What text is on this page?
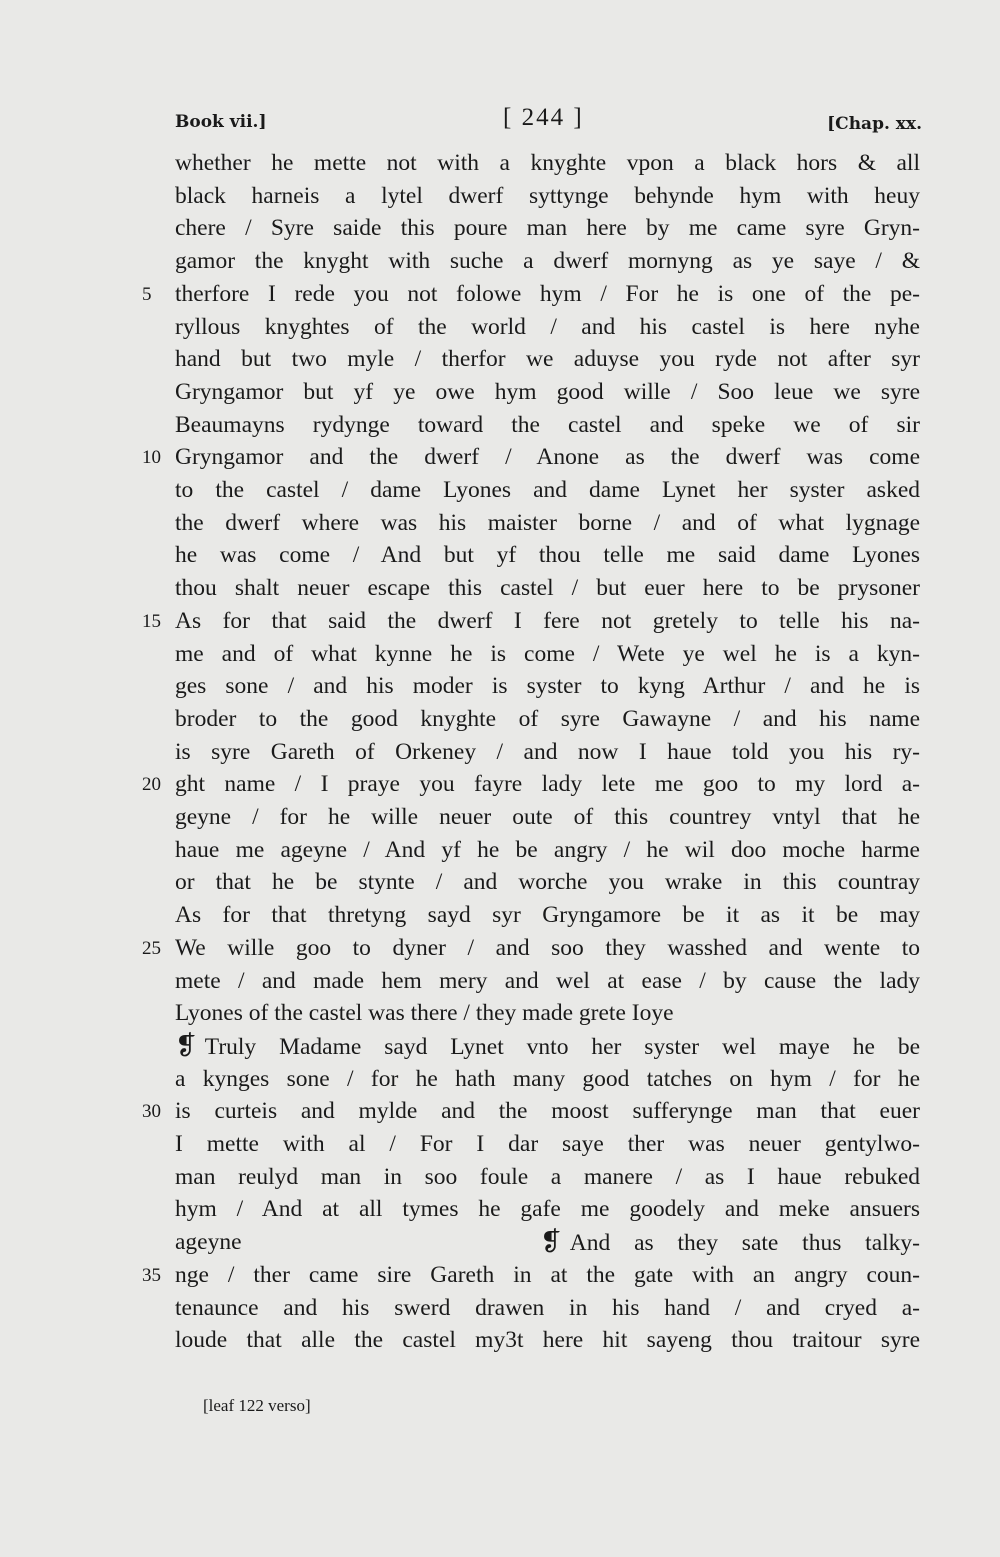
Book vii.]	[ 244 ]	[Chap. xx.
whether he mette not with a knyghte vpon a black hors & all
black harneis a lytel dwerf syttynge behynde hym with heuy
chere / Syre saide this poure man here by me came syre Gryn-
gamor the knyght with suche a dwerf mornyng as ye saye / &
therfore I rede you not folowe hym / For he is one of the pe-
ryllous knyghtes of the world / and his castel is here nyhe
hand but two myle / therfor we aduyse you ryde not after syr
Gryngamor but yf ye owe hym good wille / Soo leue we syre
Beaumayns rydynge toward the castel and speke we of sir
Gryngamor and the dwerf / Anone as the dwerf was come
to the castel / dame Lyones and dame Lynet her syster asked
the dwerf where was his maister borne / and of what lygnage
he was come / And but yf thou telle me said dame Lyones
thou shalt neuer escape this castel / but euer here to be prysoner
As for that said the dwerf I fere not gretely to telle his na-
me and of what kynne he is come / Wete ye wel he is a kyn-
ges sone / and his moder is syster to kyng Arthur / and he is
broder to the good knyghte of syre Gawayne / and his name
is syre Gareth of Orkeney / and now I haue told you his ry-
ght name / I praye you fayre lady lete me goo to my lord a-
geyne / for he wille neuer oute of this countrey vntyl that he
haue me ageyne / And yf he be angry / he wil doo moche harme
or that he be stynte / and worche you wrake in this countray
As for that thretyng sayd syr Gryngamore be it as it be may
We wille goo to dyner / and soo they wasshed and wente to
mete / and made hem mery and wel at ease / by cause the lady
Lyones of the castel was there / they made grete Ioye
❡ Truly Madame sayd Lynet vnto her syster wel maye he be
a kynges sone / for he hath many good tatches on hym / for he
is curteis and mylde and the moost sufferynge man that euer
I mette with al / For I dar saye ther was neuer gentylwo-
man reulyd man in soo foule a manere / as I haue rebuked
hym / And at all tymes he gafe me goodely and meke ansuers
ageyne	❡ And as they sate thus talky-
nge / ther came sire Gareth in at the gate with an angry coun-
tenaunce and his swerd drawen in his hand / and cryed a-
loude that alle the castel my3t here hit sayeng thou traitour syre
5
10
15
20
25
30
35
[leaf 122 verso]
